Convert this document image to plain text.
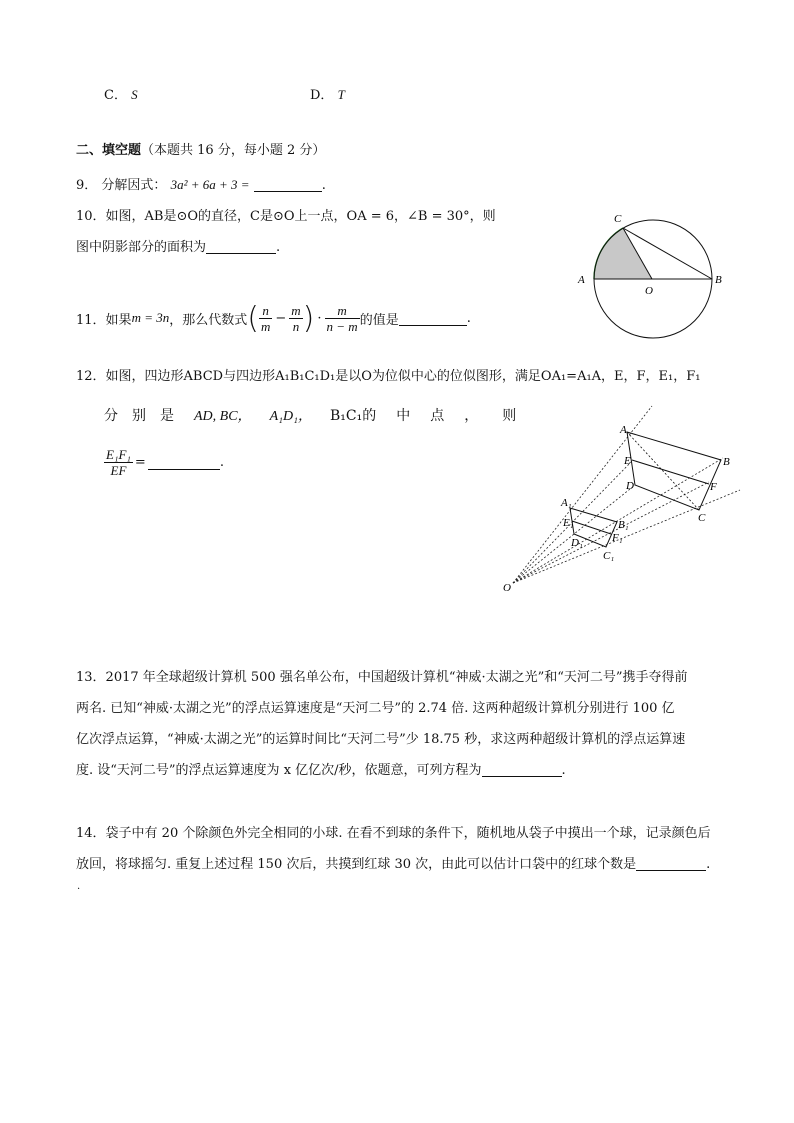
C． S	D． T
二、填空题（本题共 16 分，每小题 2 分）
9． 分解因式： 3a² + 6a + 3 =	.
10．如图，AB是⊙O的直径，C是⊙O上一点，OA = 6，∠B = 30°，则
图中阴影部分的面积为	.
C
A	B
O
11． 如果 m = 3n ，那么代数式 ( $\frac{n}{m} - \frac{m}{n}$ ) · $\frac{m}{n - m}$ 的值是	.
12．如图，四边形ABCD与四边形A₁B₁C₁D₁是以O为位似中心的位似图形，满足OA₁=A₁A，E，F，E₁，F₁
分 别 是 AD, BC， A₁D₁， B₁C₁的 中 点 ， 则
$\frac{\text{E₁F₁}}{EF}$ =	.
A
B
C
D
E
F
A₁
B₁
C₁
D₁
E₁
F₁
O
13．2017 年全球超级计算机 500 强名单公布，中国超级计算机“神威·太湖之光”和“天河二号”携手夺得前
两名. 已知“神威·太湖之光”的浮点运算速度是“天河二号”的 2.74 倍. 这两种超级计算机分别进行 100 亿
亿次浮点运算，“神威·太湖之光”的运算时间比“天河二号”少 18.75 秒，求这两种超级计算机的浮点运算速
度. 设“天河二号”的浮点运算速度为 x 亿亿次/秒，依题意，可列方程为	.
14．袋子中有 20 个除颜色外完全相同的小球. 在看不到球的条件下，随机地从袋子中摸出一个球，记录颜色后
放回，将球摇匀. 重复上述过程 150 次后，共摸到红球 30 次，由此可以估计口袋中的红球个数是	.
.
